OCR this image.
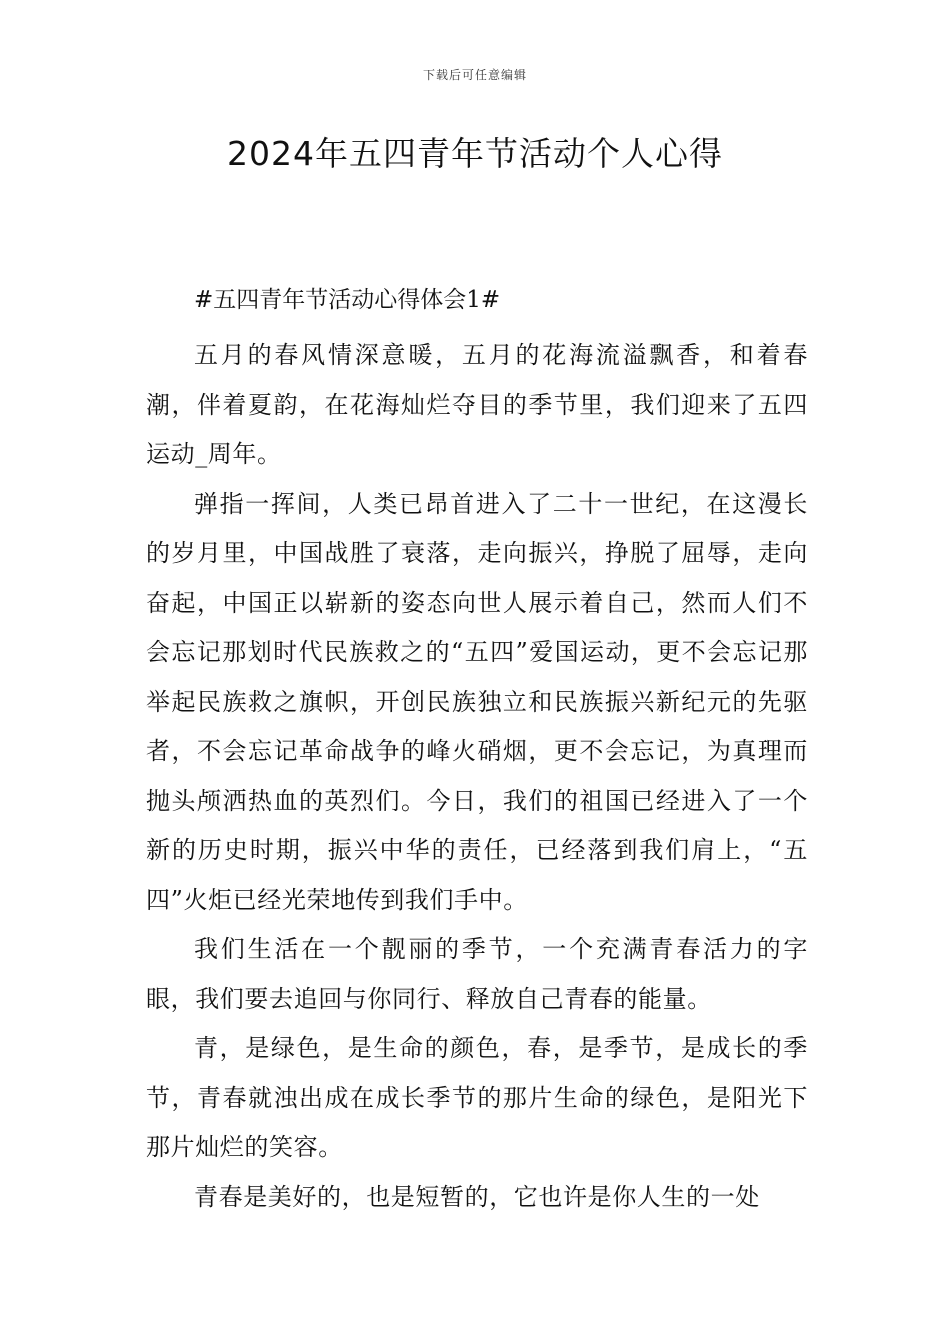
下载后可任意编辑
2024年五四青年节活动个人心得

#五四青年节活动心得体会1#

五月的春风情深意暖，五月的花海流溢飘香，和着春潮，伴着夏韵，在花海灿烂夺目的季节里，我们迎来了五四运动_周年。

弹指一挥间，人类已昂首进入了二十一世纪，在这漫长的岁月里，中国战胜了衰落，走向振兴，挣脱了屈辱，走向奋起，中国正以崭新的姿态向世人展示着自己，然而人们不会忘记那划时代民族救之的“五四”爱国运动，更不会忘记那举起民族救之旗帜，开创民族独立和民族振兴新纪元的先驱者，不会忘记革命战争的峰火硝烟，更不会忘记，为真理而抛头颅洒热血的英烈们。今日，我们的祖国已经进入了一个新的历史时期，振兴中华的责任，已经落到我们肩上，“五四”火炬已经光荣地传到我们手中。

我们生活在一个靓丽的季节，一个充满青春活力的字眼，我们要去追回与你同行、释放自己青春的能量。

青，是绿色，是生命的颜色，春，是季节，是成长的季节，青春就浊出成在成长季节的那片生命的绿色，是阳光下那片灿烂的笑容。

青春是美好的，也是短暂的，它也许是你人生的一处
